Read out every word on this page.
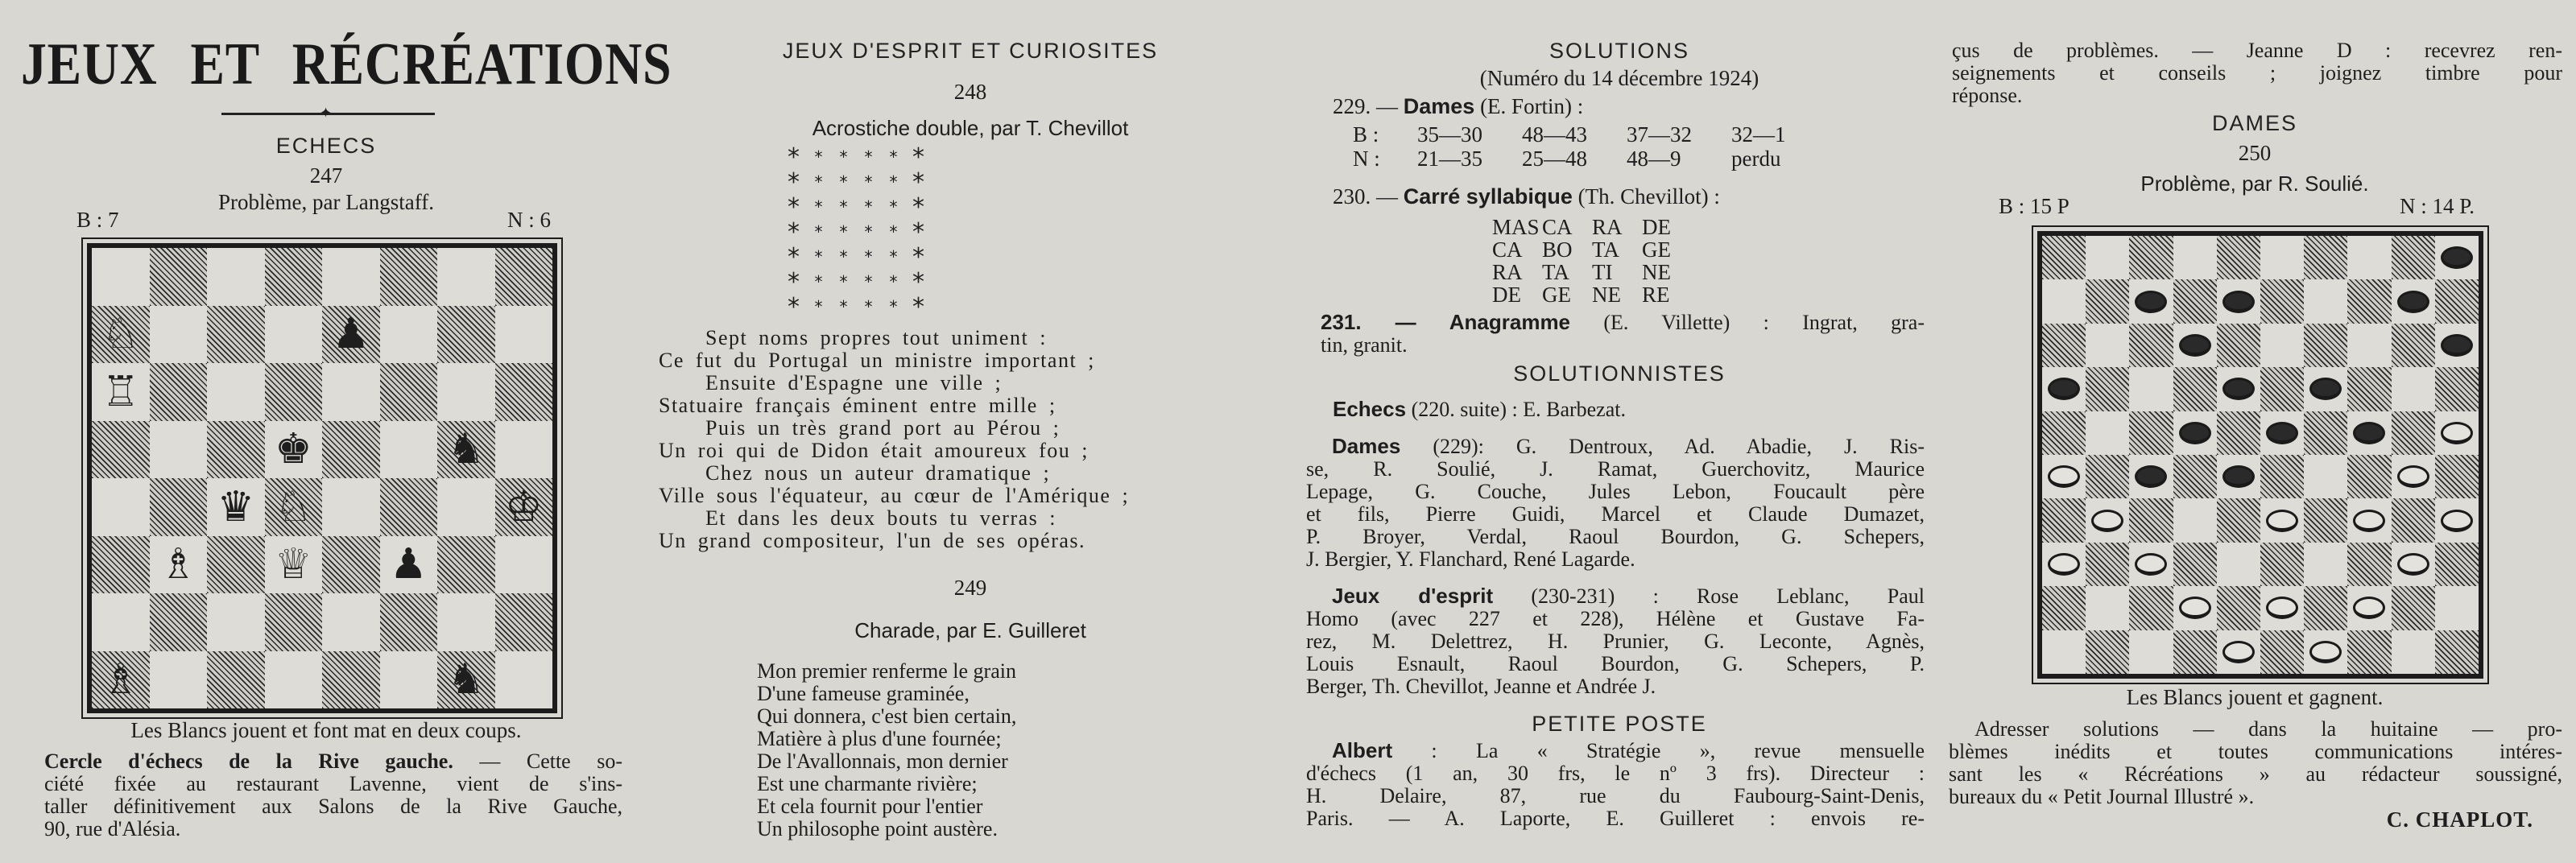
JEUX ET RÉCRÉATIONS
✦
ECHECS
247
Problème, par Langstaff.
B : 7	N : 6
♘	♟
♖
♚	♞
♛ ♘	♔
♗ ♕ ♟
♗	♞
Les Blancs jouent et font mat en deux coups.
Cercle d'échecs de la Rive gauche. — Cette so-
ciété fixée au restaurant Lavenne, vient de s'ins-
taller définitivement aux Salons de la Rive Gauche,
90, rue d'Alésia.
JEUX D'ESPRIT ET CURIOSITES
248
Acrostiche double, par T. Chevillot
* *	*	*	* *
* *	*	*	* *
* *	*	*	* *
* *	*	*	* *
* *	*	*	* *
* *	*	*	* *
* *	*	*	* *
Sept noms propres tout uniment :
Ce fut du Portugal un ministre important ;
Ensuite d'Espagne une ville ;
Statuaire français éminent entre mille ;
Puis un très grand port au Pérou ;
Un roi qui de Didon était amoureux fou ;
Chez nous un auteur dramatique ;
Ville sous l'équateur, au cœur de l'Amérique ;
Et dans les deux bouts tu verras :
Un grand compositeur, l'un de ses opéras.
249
Charade, par E. Guilleret
Mon premier renferme le grain
D'une fameuse graminée,
Qui donnera, c'est bien certain,
Matière à plus d'une fournée;
De l'Avallonnais, mon dernier
Est une charmante rivière;
Et cela fournit pour l'entier
Un philosophe point austère.
SOLUTIONS
(Numéro du 14 décembre 1924)
229. — Dames (E. Fortin) :
B :	35—30	48—43	37—32	32—1
N :	21—35	25—48	48—9	perdu
230. — Carré syllabique (Th. Chevillot) :
MAS CA RA DE
CA BO TA	GE
RA TA	TI	NE
DE GE NE RE
231. — Anagramme (E. Villette) : Ingrat, gra-
tin, granit.
SOLUTIONNISTES
Echecs (220. suite) : E. Barbezat.
Dames (229): G. Dentroux, Ad. Abadie, J. Ris-
se, R. Soulié, J. Ramat, Guerchovitz, Maurice
Lepage, G. Couche, Jules Lebon, Foucault père
et fils, Pierre Guidi, Marcel et Claude Dumazet,
P. Broyer, Verdal, Raoul Bourdon, G. Schepers,
J. Bergier, Y. Flanchard, René Lagarde.
Jeux d'esprit (230-231) : Rose Leblanc, Paul
Homo (avec 227 et 228), Hélène et Gustave Fa-
rez, M. Delettrez, H. Prunier, G. Leconte, Agnès,
Louis Esnault, Raoul Bourdon, G. Schepers, P.
Berger, Th. Chevillot, Jeanne et Andrée J.
PETITE POSTE
Albert : La « Stratégie », revue mensuelle
d'échecs (1 an, 30 frs, le nº 3 frs). Directeur :
H. Delaire, 87, rue du Faubourg-Saint-Denis,
Paris. — A. Laporte, E. Guilleret : envois re-
çus de problèmes. — Jeanne D : recevrez ren-
seignements et conseils ; joignez timbre pour
réponse.
DAMES
250
Problème, par R. Soulié.
B : 15 P	N : 14 P.
Les Blancs jouent et gagnent.
Adresser solutions — dans la huitaine — pro-
blèmes inédits et toutes communications intéres-
sant les « Récréations » au rédacteur soussigné,
bureaux du « Petit Journal Illustré ».
C. CHAPLOT.
